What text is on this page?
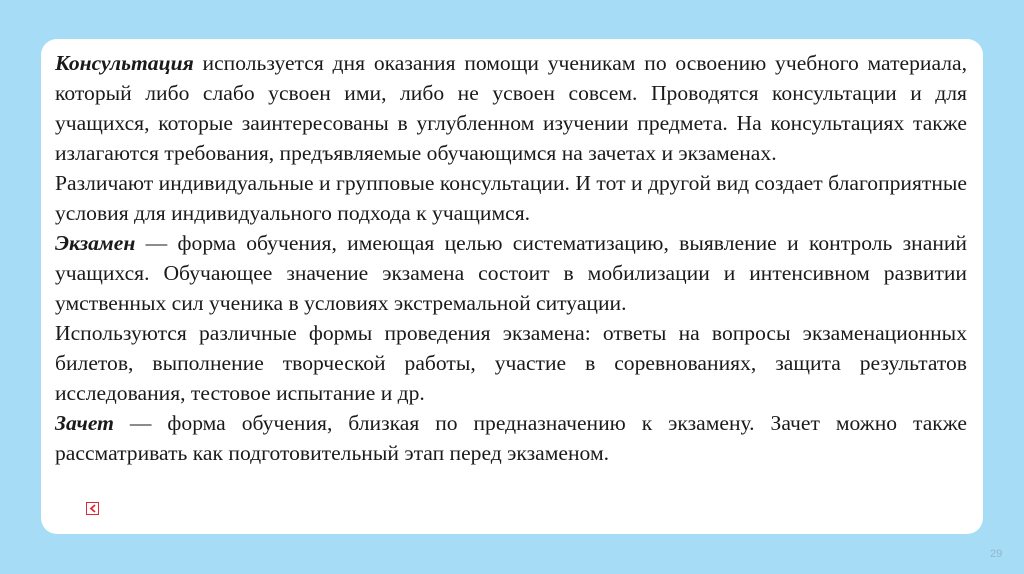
Консультация используется дня оказания помощи ученикам по освоению учебного материала, который либо слабо усвоен ими, либо не усвоен совсем. Проводятся консультации и для учащихся, которые заинтересованы в углубленном изучении предмета. На консультациях также излагаются требования, предъявляемые обучающимся на зачетах и экзаменах.

Различают индивидуальные и групповые консультации. И тот и другой вид создает благоприятные условия для индивидуального подхода к учащимся.

Экзамен — форма обучения, имеющая целью систематизацию, выявление и контроль знаний учащихся. Обучающее значение экзамена состоит в мобилизации и интенсивном развитии умственных сил ученика в условиях экстремальной ситуации.

Используются различные формы проведения экзамена: ответы на вопросы экзаменационных билетов, выполнение творческой работы, участие в соревнованиях, защита результатов исследования, тестовое испытание и др.

Зачет — форма обучения, близкая по предназначению к экзамену. Зачет можно также рассматривать как подготовительный этап перед экзаменом.

29
